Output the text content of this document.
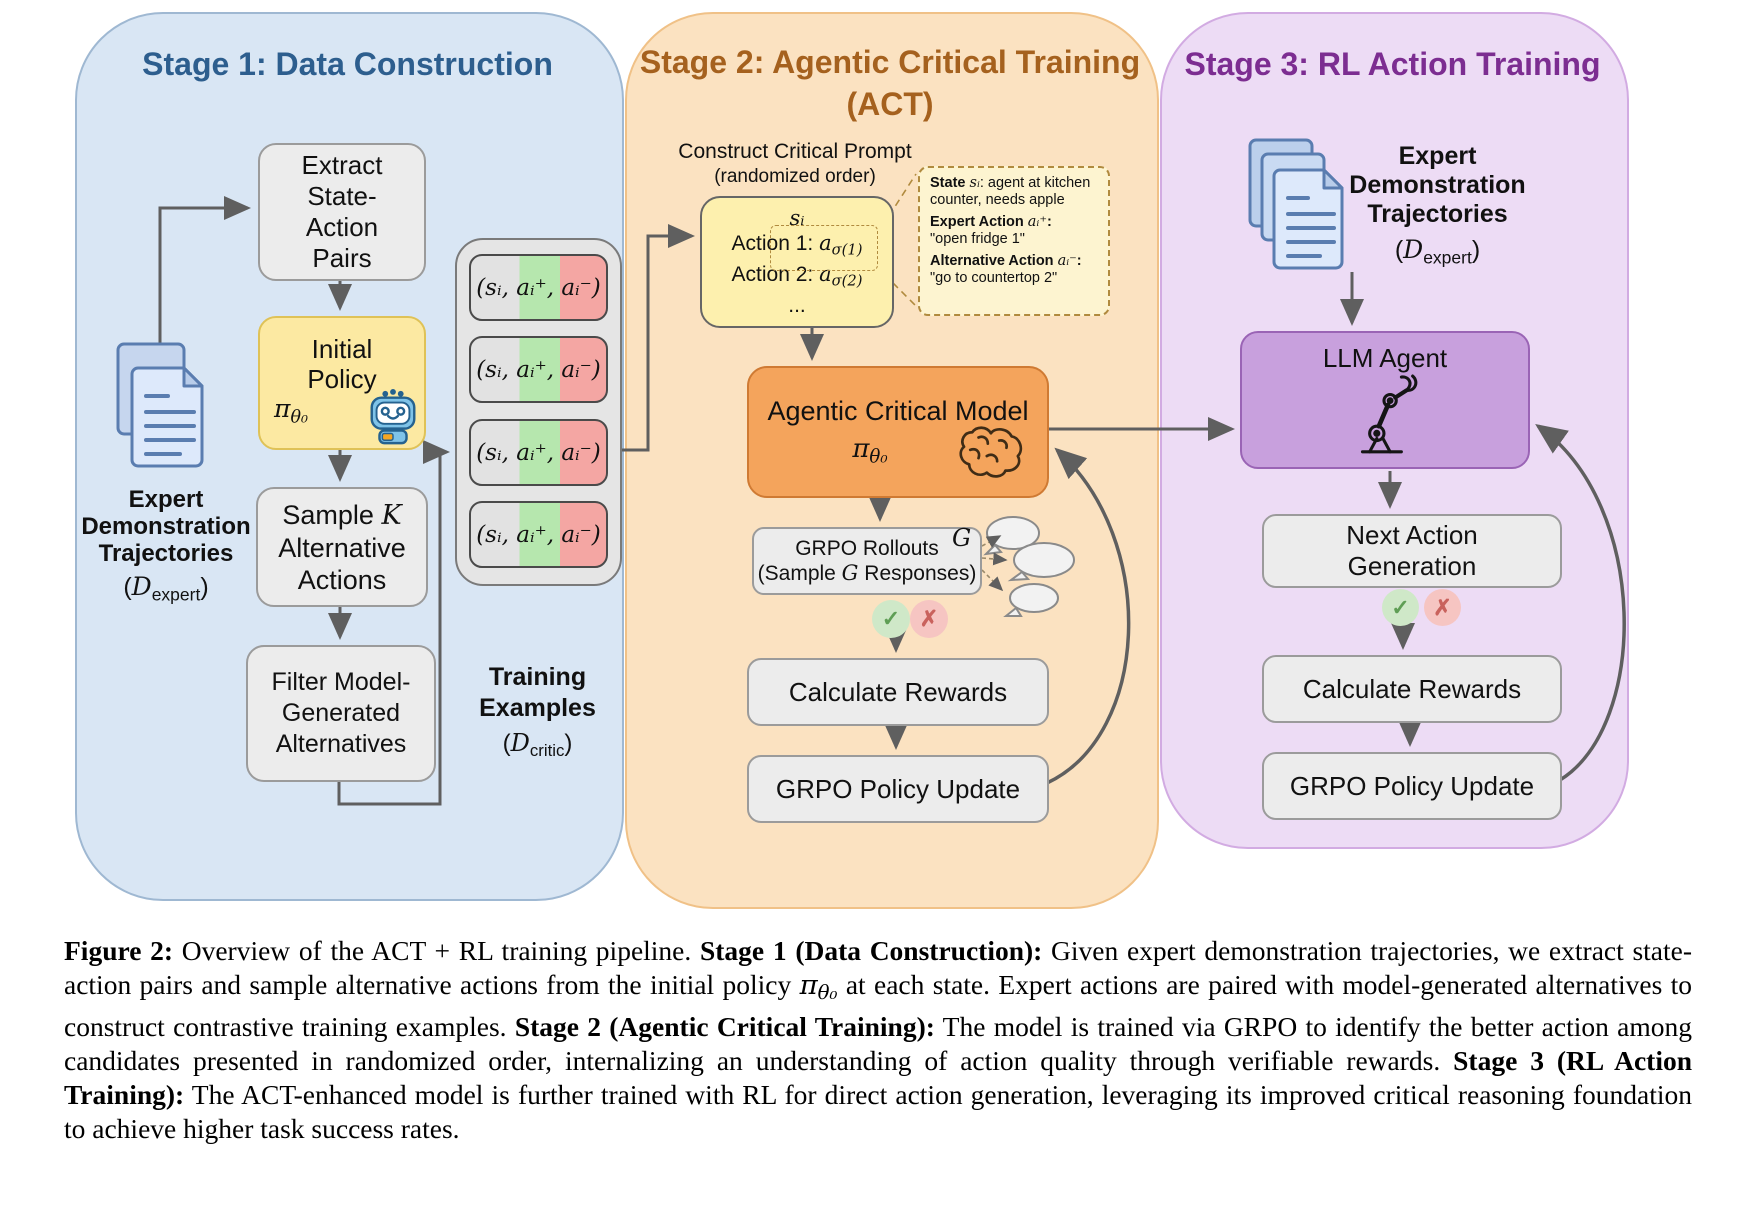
Stage 1: Data Construction
Extract
State-
Action
Pairs
Initial
Policy
$\pi_{\theta_0}$
Expert
Demonstration
Trajectories
$(D_{expert})$
Sample K
Alternative
Actions
Filter Model-
Generated
Alternatives
(sᵢ, aᵢ⁺, aᵢ⁻)
(sᵢ, aᵢ⁺, aᵢ⁻)
(sᵢ, aᵢ⁺, aᵢ⁻)
(sᵢ, aᵢ⁺, aᵢ⁻)
Training
Examples
$(D_{critic})$
Stage 2: Agentic Critical Training
(ACT)
Construct Critical Prompt
(randomized order)
sᵢ
Action 1: $a_{\sigma(1)}$
Action 2: $a_{\sigma(2)}$
...

State sᵢ: agent at kitchen counter, needs apple

Expert Action aᵢ⁺:

"open fridge 1"

Alternative Action aᵢ⁻:

"go to countertop 2"

Agentic Critical Model
$\pi_{\theta_0}$
GRPO Rollouts
(Sample G Responses)
G
✓ ✗
Calculate Rewards
GRPO Policy Update
Stage 3: RL Action Training
Expert
Demonstration
Trajectories
$(D_{expert})$
LLM Agent
Next Action
Generation
✓	✗
Calculate Rewards
GRPO Policy Update

Figure 2: Overview of the ACT + RL training pipeline. Stage 1 (Data Construction): Given expert demonstration trajectories, we extract state-action pairs and sample alternative actions from the initial policy πθ₀ at each state. Expert actions are paired with model-generated alternatives to construct contrastive training examples. Stage 2 (Agentic Critical Training): The model is trained via GRPO to identify the better action among candidates presented in randomized order, internalizing an understanding of action quality through verifiable rewards. Stage 3 (RL Action Training): The ACT-enhanced model is further trained with RL for direct action generation, leveraging its improved critical reasoning foundation to achieve higher task success rates.
